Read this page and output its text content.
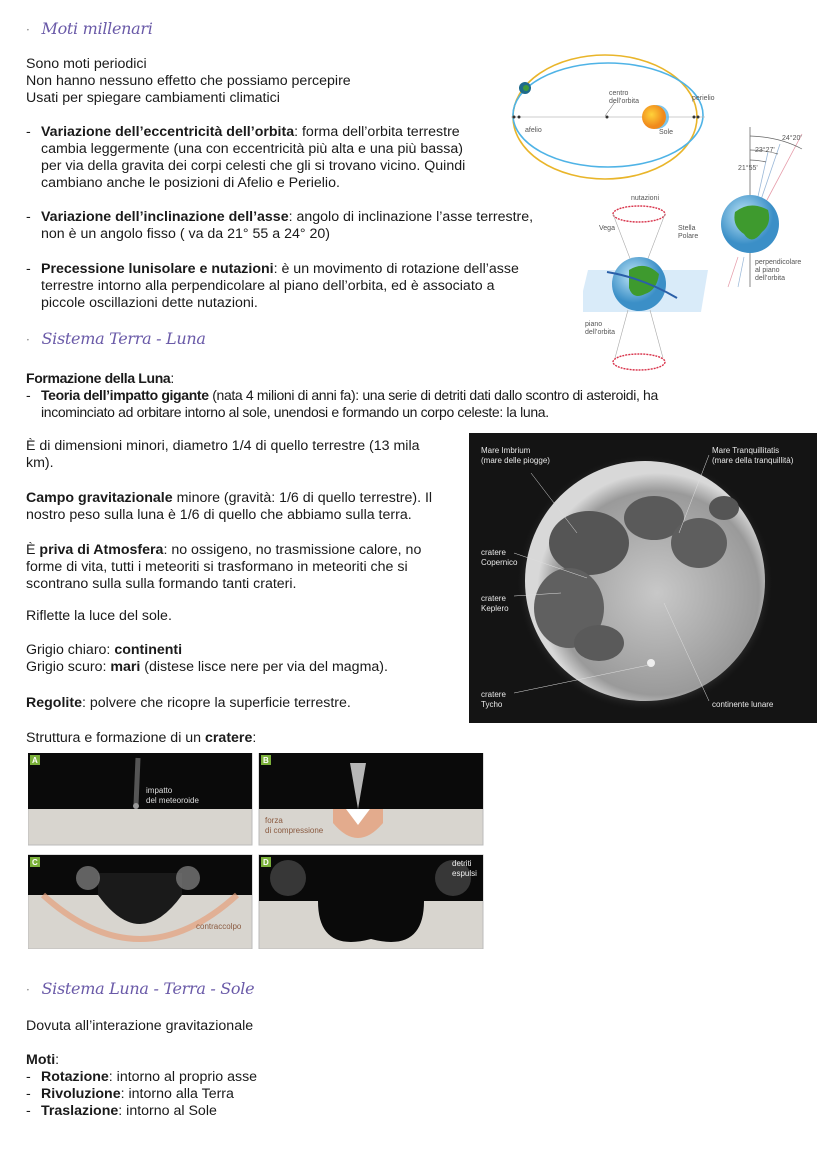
· Moti millenari
Sono moti periodici
Non hanno nessuno effetto che possiamo percepire
Usati per spiegare cambiamenti climatici
- Variazione dell’eccentricità dell’orbita: forma dell’orbita terrestre
cambia leggermente (una con eccentricità più alta e una più bassa)
per via della gravita dei corpi celesti che gli si trovano vicino. Quindi
cambiano anche le posizioni di Afelio e Perielio.
- Variazione dell’inclinazione dell’asse: angolo di inclinazione l’asse terrestre,
non è un angolo fisso ( va da 21° 55 a 24° 20)
- Precessione lunisolare e nutazioni: è un movimento di rotazione dell’asse
terrestre intorno alla perpendicolare al piano dell’orbita, ed è associato a
piccole oscillazioni dette nutazioni.
centro
dell’orbita	perielio
afelio	Sole
24°20'
23°27'
21°55'
perpendicolare
al piano
dell’orbita
nutazioni
Vega	Stella
Polare
piano
dell’orbita
· Sistema Terra - Luna
Formazione della Luna:
- Teoria dell’impatto gigante (nata 4 milioni di anni fa): una serie di detriti dati dallo scontro di asteroidi, ha
incominciato ad orbitare intorno al sole, unendosi e formando un corpo celeste: la luna.
È di dimensioni minori, diametro 1/4 di quello terrestre (13 mila
km).
Campo gravitazionale minore (gravità: 1/6 di quello terrestre). Il
nostro peso sulla luna è 1/6 di quello che abbiamo sulla terra.
È priva di Atmosfera: no ossigeno, no trasmissione calore, no
forme di vita, tutti i meteoriti si trasformano in meteoriti che si
scontrano sulla sulla formando tanti crateri.
Riflette la luce del sole.
Grigio chiaro: continenti
Grigio scuro: mari (distese lisce nere per via del magma).
Regolite: polvere che ricopre la superficie terrestre.
Struttura e formazione di un cratere:
Mare Imbrium
(mare delle piogge)
Mare Tranquillitatis
(mare della tranquillità)
cratere
Copernico
cratere
Keplero
cratere
Tycho	continente lunare
A
impatto
del meteoroide
B
forza
di compressione
C
contraccolpo
D	detriti
espulsi
· Sistema Luna - Terra - Sole
Dovuta all’interazione gravitazionale
Moti:
- Rotazione: intorno al proprio asse
- Rivoluzione: intorno alla Terra
- Traslazione: intorno al Sole
